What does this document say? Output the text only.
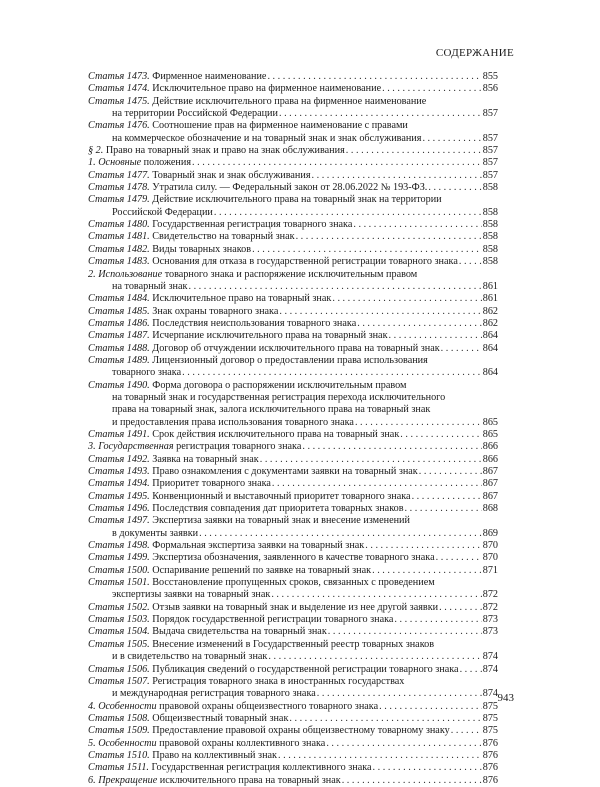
СОДЕРЖАНИЕ
Статья 1473. Фирменное наименование . . .	855
Статья 1474. Исключительное право на фирменное наименование . . .	856
Статья 1475. Действие исключительного права на фирменное наименование
на территории Российской Федерации . . .	857
Статья 1476. Соотношение прав на фирменное наименование с правами
на коммерческое обозначение и на товарный знак и знак обслуживания . . .	857
§ 2. Право на товарный знак и право на знак обслуживания . . .	857
1. Основные положения . . .	857
Статья 1477. Товарный знак и знак обслуживания . . .	857
Статья 1478. Утратила силу. — Федеральный закон от 28.06.2022 № 193-ФЗ. . . .	858
Статья 1479. Действие исключительного права на товарный знак на территории
Российской Федерации . . .	858
Статья 1480. Государственная регистрация товарного знака . . .	858
Статья 1481. Свидетельство на товарный знак . . .	858
Статья 1482. Виды товарных знаков . . .	858
Статья 1483. Основания для отказа в государственной регистрации товарного знака . . . 858
2. Использование товарного знака и распоряжение исключительным правом
на товарный знак . . .	861
Статья 1484. Исключительное право на товарный знак . . .	861
Статья 1485. Знак охраны товарного знака . . .	862
Статья 1486. Последствия неиспользования товарного знака . . .	862
Статья 1487. Исчерпание исключительного права на товарный знак . . .	864
Статья 1488. Договор об отчуждении исключительного права на товарный знак . . .	864
Статья 1489. Лицензионный договор о предоставлении права использования
товарного знака . . .	864
Статья 1490. Форма договора о распоряжении исключительным правом
на товарный знак и государственная регистрация перехода исключительного
права на товарный знак, залога исключительного права на товарный знак
и предоставления права использования товарного знака . . .	865
Статья 1491. Срок действия исключительного права на товарный знак . . .	865
3. Государственная регистрация товарного знака . . .	866
Статья 1492. Заявка на товарный знак . . .	866
Статья 1493. Право ознакомления с документами заявки на товарный знак . . .	867
Статья 1494. Приоритет товарного знака . . .	867
Статья 1495. Конвенционный и выставочный приоритет товарного знака . . .	867
Статья 1496. Последствия совпадения дат приоритета товарных знаков . . .	868
Статья 1497. Экспертиза заявки на товарный знак и внесение изменений
в документы заявки . . .	869
Статья 1498. Формальная экспертиза заявки на товарный знак . . .	870
Статья 1499. Экспертиза обозначения, заявленного в качестве товарного знака . . .	870
Статья 1500. Оспаривание решений по заявке на товарный знак . . .	871
Статья 1501. Восстановление пропущенных сроков, связанных с проведением
экспертизы заявки на товарный знак . . .	872
Статья 1502. Отзыв заявки на товарный знак и выделение из нее другой заявки . . .	872
Статья 1503. Порядок государственной регистрации товарного знака . . .	873
Статья 1504. Выдача свидетельства на товарный знак . . .	873
Статья 1505. Внесение изменений в Государственный реестр товарных знаков
и в свидетельство на товарный знак . . .	874
Статья 1506. Публикация сведений о государственной регистрации товарного знака . . . 874
Статья 1507. Регистрация товарного знака в иностранных государствах
и международная регистрация товарного знака . . .	874
4. Особенности правовой охраны общеизвестного товарного знака . . .	875
Статья 1508. Общеизвестный товарный знак . . .	875
Статья 1509. Предоставление правовой охраны общеизвестному товарному знаку . . .	875
5. Особенности правовой охраны коллективного знака . . .	876
Статья 1510. Право на коллективный знак . . .	876
Статья 1511. Государственная регистрация коллективного знака . . .	876
6. Прекращение исключительного права на товарный знак . . .	876
943
